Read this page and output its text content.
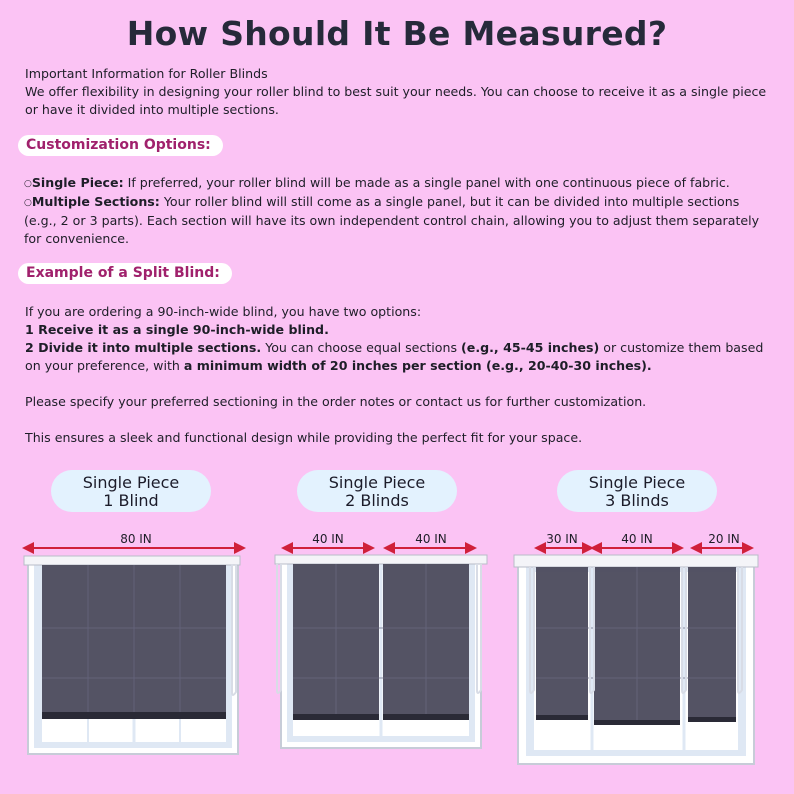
How Should It Be Measured?

Important Information for Roller Blinds

We offer flexibility in designing your roller blind to best suit your needs. You can choose to receive it as a single piece or have it divided into multiple sections.

Customization Options:

○Single Piece: If preferred, your roller blind will be made as a single panel with one continuous piece of fabric.

○Multiple Sections: Your roller blind will still come as a single panel, but it can be divided into multiple sections (e.g., 2 or 3 parts). Each section will have its own independent control chain, allowing you to adjust them separately for convenience.

Example of a Split Blind:

If you are ordering a 90-inch-wide blind, you have two options:

1 Receive it as a single 90-inch-wide blind.

2 Divide it into multiple sections. You can choose equal sections (e.g., 45-45 inches) or customize them based on your preference, with a minimum width of 20 inches per section (e.g., 20-40-30 inches).

Please specify your preferred sectioning in the order notes or contact us for further customization.

This ensures a sleek and functional design while providing the perfect fit for your space.

Single Piece
1 Blind
Single Piece
2 Blinds
Single Piece
3 Blinds
80 IN	40 IN	40 IN	30 IN	40 IN	20 IN
